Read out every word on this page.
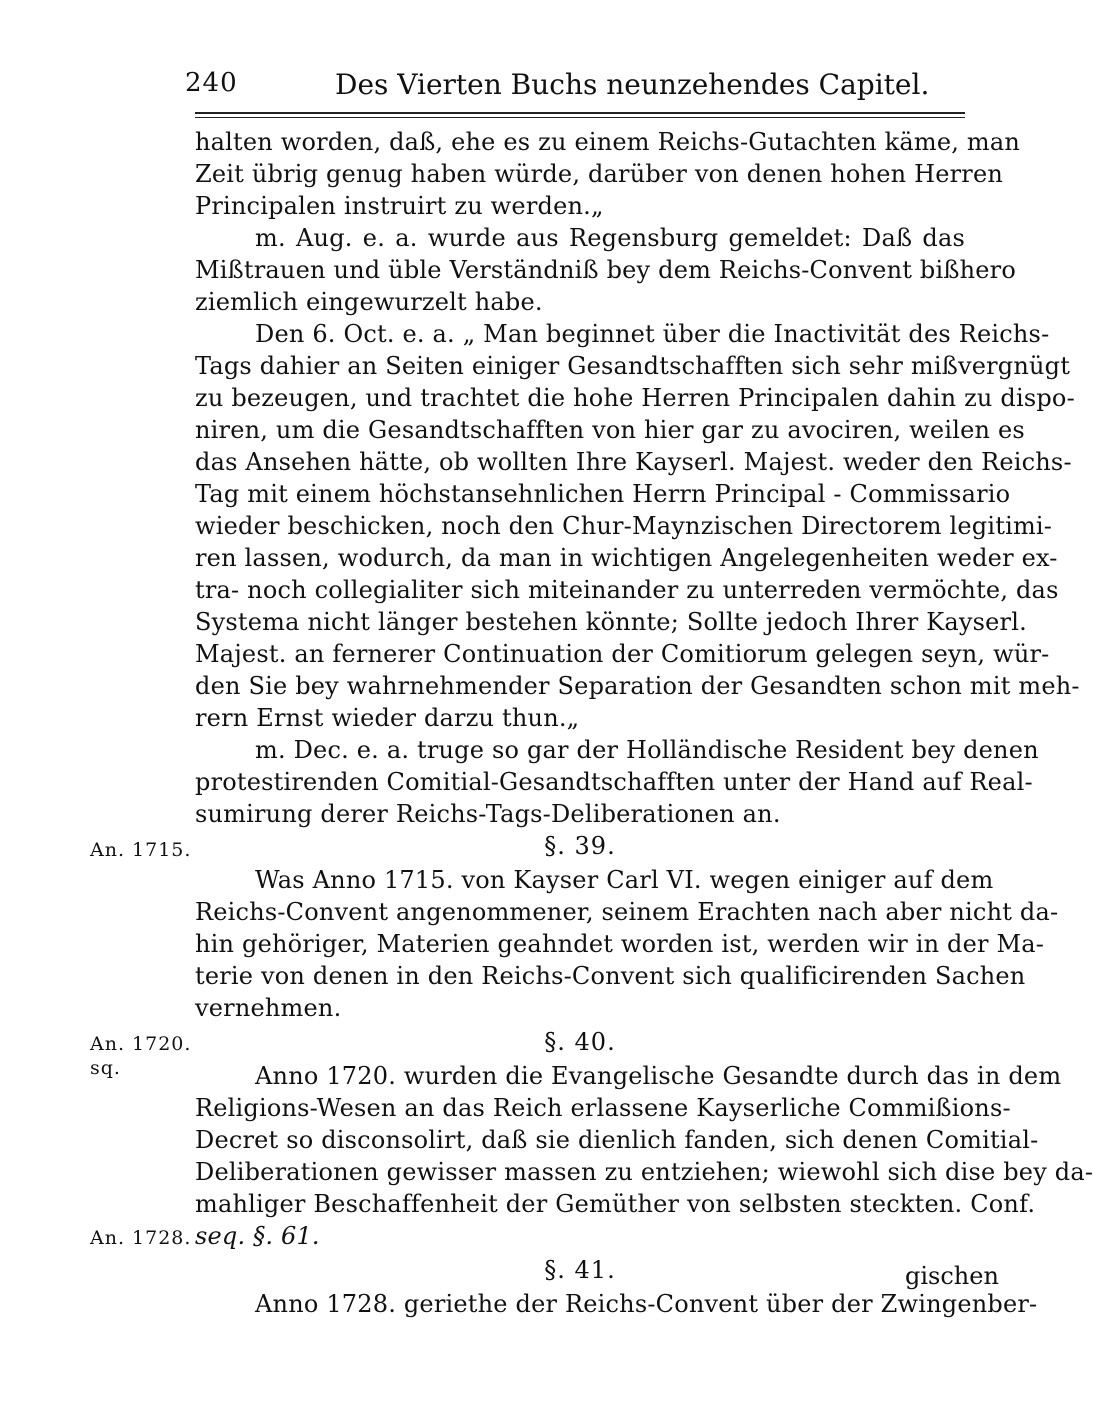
240	Des Vierten Buchs neunzehendes Capitel.
halten worden, daß, ehe es zu einem Reichs-Gutachten käme, man
Zeit übrig genug haben würde, darüber von denen hohen Herren
Principalen instruirt zu werden.„
m. Aug. e. a. wurde aus Regensburg gemeldet: Daß das
Mißtrauen und üble Verständniß bey dem Reichs-Convent bißhero
ziemlich eingewurzelt habe.
Den 6. Oct. e. a. „ Man beginnet über die Inactivität des Reichs-
Tags dahier an Seiten einiger Gesandtschafften sich sehr mißvergnügt
zu bezeugen, und trachtet die hohe Herren Principalen dahin zu dispo-
niren, um die Gesandtschafften von hier gar zu avociren, weilen es
das Ansehen hätte, ob wollten Ihre Kayserl. Majest. weder den Reichs-
Tag mit einem höchstansehnlichen Herrn Principal - Commissario
wieder beschicken, noch den Chur-Maynzischen Directorem legitimi-
ren lassen, wodurch, da man in wichtigen Angelegenheiten weder ex-
tra- noch collegialiter sich miteinander zu unterreden vermöchte, das
Systema nicht länger bestehen könnte; Sollte jedoch Ihrer Kayserl.
Majest. an fernerer Continuation der Comitiorum gelegen seyn, wür-
den Sie bey wahrnehmender Separation der Gesandten schon mit meh-
rern Ernst wieder darzu thun.„
m. Dec. e. a. truge so gar der Holländische Resident bey denen
protestirenden Comitial-Gesandtschafften unter der Hand auf Real-
sumirung derer Reichs-Tags-Deliberationen an.
§. 39.
Was Anno 1715. von Kayser Carl VI. wegen einiger auf dem
Reichs-Convent angenommener, seinem Erachten nach aber nicht da-
hin gehöriger, Materien geahndet worden ist, werden wir in der Ma-
terie von denen in den Reichs-Convent sich qualificirenden Sachen
vernehmen.
§. 40.
Anno 1720. wurden die Evangelische Gesandte durch das in dem
Religions-Wesen an das Reich erlassene Kayserliche Commißions-
Decret so disconsolirt, daß sie dienlich fanden, sich denen Comitial-
Deliberationen gewisser massen zu entziehen; wiewohl sich dise bey da-
mahliger Beschaffenheit der Gemüther von selbsten steckten. Conf.
seq. §. 61.
§. 41.
Anno 1728. geriethe der Reichs-Convent über der Zwingenber-
An. 1715.
An. 1720.
sq.
An. 1728.
gischen
